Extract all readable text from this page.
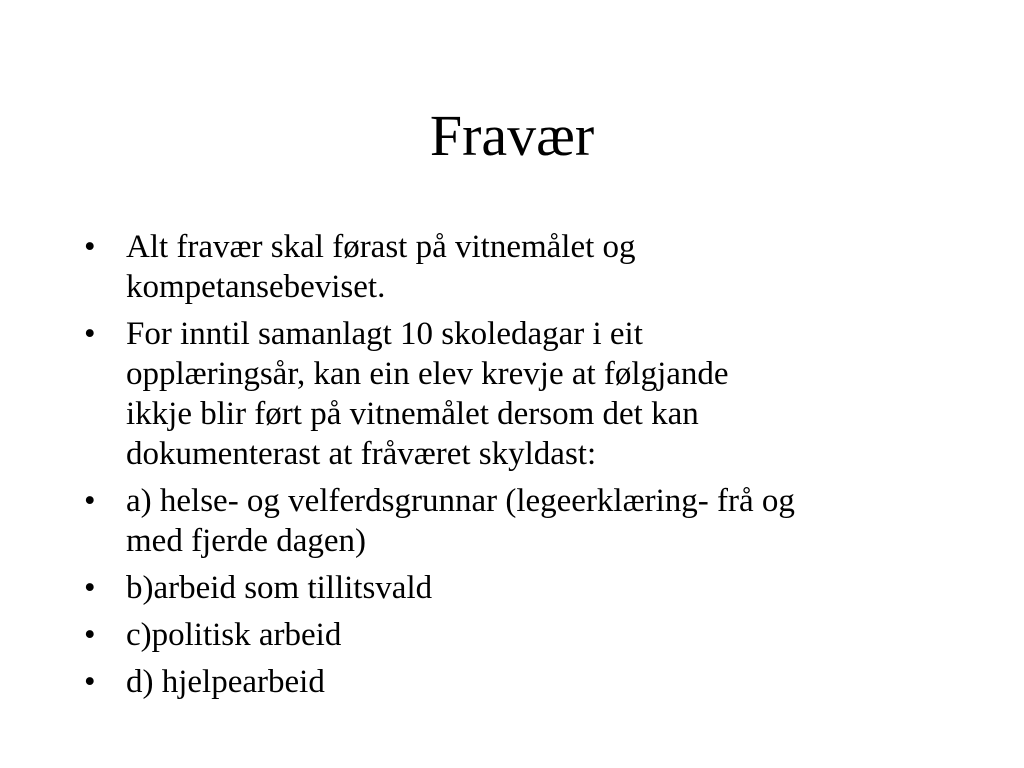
Fravær
• Alt fravær skal førast på vitnemålet og
kompetansebeviset.
• For inntil samanlagt 10 skoledagar i eit
opplæringsår, kan ein elev krevje at følgjande
ikkje blir ført på vitnemålet dersom det kan
dokumenterast at fråværet skyldast:
• a) helse- og velferdsgrunnar (legeerklæring- frå og
med fjerde dagen)
• b)arbeid som tillitsvald
• c)politisk arbeid
• d) hjelpearbeid
